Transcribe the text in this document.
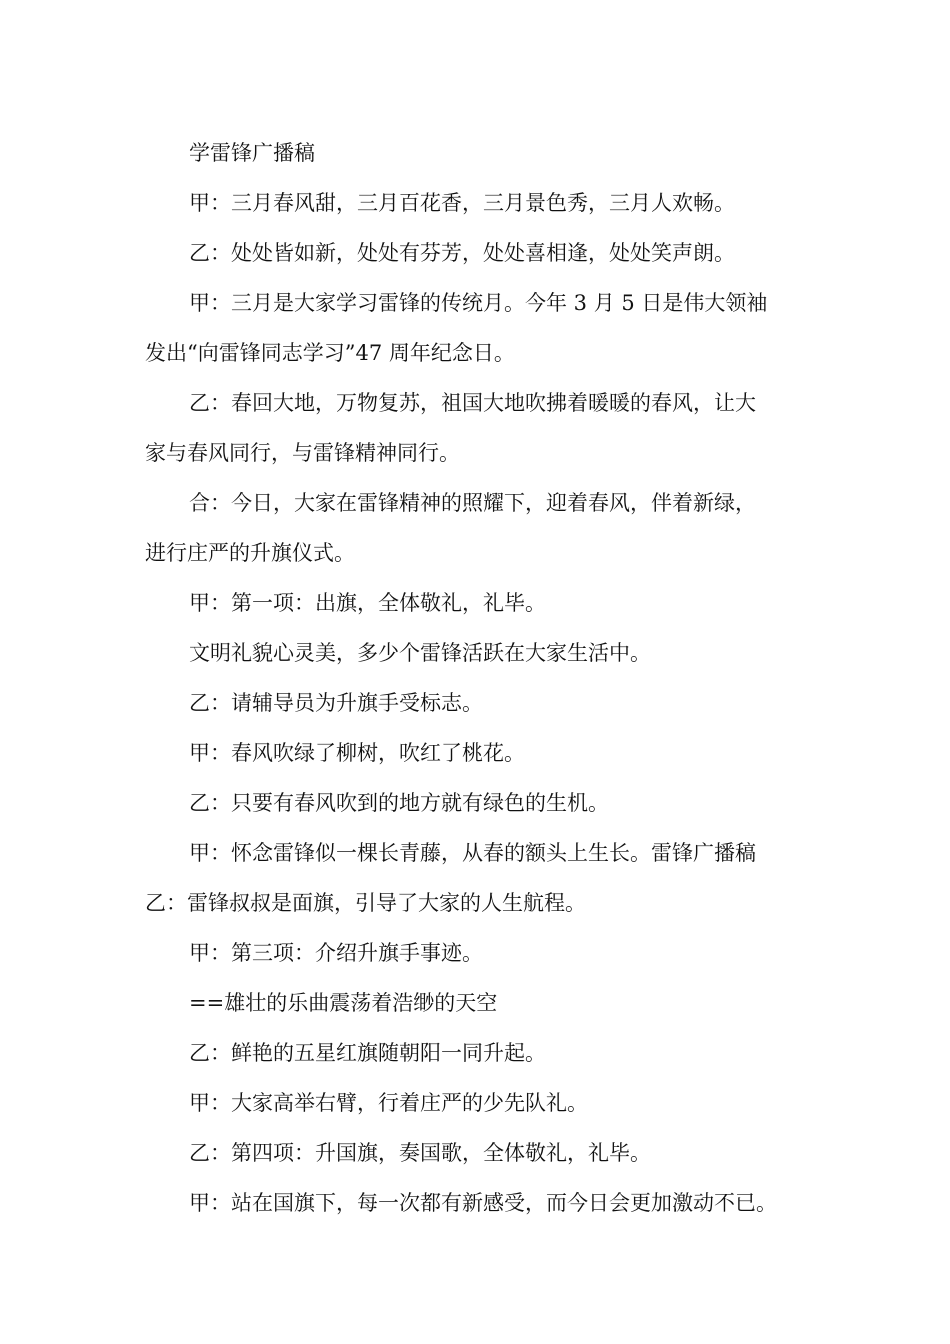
学雷锋广播稿
甲：三月春风甜，三月百花香，三月景色秀，三月人欢畅。
乙：处处皆如新，处处有芬芳，处处喜相逢，处处笑声朗。
甲：三月是大家学习雷锋的传统月。今年 3 月 5 日是伟大领袖
发出“向雷锋同志学习”47 周年纪念日。
乙：春回大地，万物复苏，祖国大地吹拂着暖暖的春风，让大
家与春风同行，与雷锋精神同行。
合：今日，大家在雷锋精神的照耀下，迎着春风，伴着新绿，
进行庄严的升旗仪式。
甲：第一项：出旗，全体敬礼，礼毕。
文明礼貌心灵美，多少个雷锋活跃在大家生活中。
乙：请辅导员为升旗手受标志。
甲：春风吹绿了柳树，吹红了桃花。
乙：只要有春风吹到的地方就有绿色的生机。
甲：怀念雷锋似一棵长青藤，从春的额头上生长。雷锋广播稿
乙：雷锋叔叔是面旗，引导了大家的人生航程。
甲：第三项：介绍升旗手事迹。
==雄壮的乐曲震荡着浩缈的天空
乙：鲜艳的五星红旗随朝阳一同升起。
甲：大家高举右臂，行着庄严的少先队礼。
乙：第四项：升国旗，奏国歌，全体敬礼，礼毕。
甲：站在国旗下，每一次都有新感受，而今日会更加激动不已。
